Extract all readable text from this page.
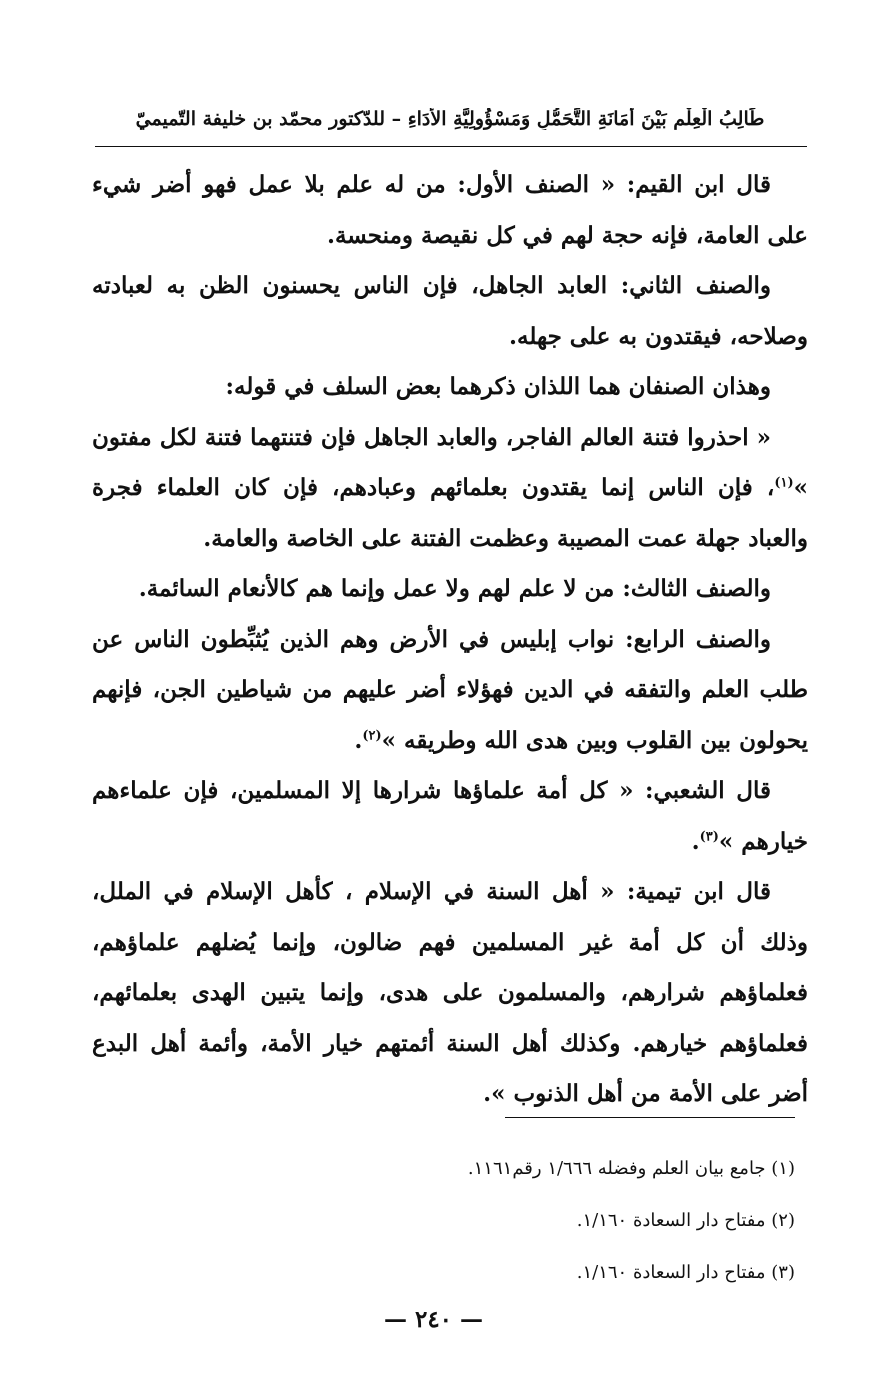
طَالِبُ الْعِلْمِ بَيْنَ أَمَانَةِ التَّحَمُّلِ وَمَسْؤُولِيَّةِ الأَدَاءِ – للدّكتور محمّد بن خليفة التّميميّ

قال ابن القيم: « الصنف الأول: من له علم بلا عمل فهو أضر شيء على العامة، فإنه حجة لهم في كل نقيصة ومنحسة.

والصنف الثاني: العابد الجاهل، فإن الناس يحسنون الظن به لعبادته وصلاحه، فيقتدون به على جهله.

وهذان الصنفان هما اللذان ذكرهما بعض السلف في قوله:

« احذروا فتنة العالم الفاجر، والعابد الجاهل فإن فتنتهما فتنة لكل مفتون »$^{(١)}$، فإن الناس إنما يقتدون بعلمائهم وعبادهم، فإن كان العلماء فجرة والعباد جهلة عمت المصيبة وعظمت الفتنة على الخاصة والعامة.

والصنف الثالث: من لا علم لهم ولا عمل وإنما هم كالأنعام السائمة.

والصنف الرابع: نواب إبليس في الأرض وهم الذين يُثبِّطون الناس عن طلب العلم والتفقه في الدين فهؤلاء أضر عليهم من شياطين الجن، فإنهم يحولون بين القلوب وبين هدى الله وطريقه »$^{(٢)}$.

قال الشعبي: « كل أمة علماؤها شرارها إلا المسلمين، فإن علماءهم خيارهم »$^{(٣)}$.

قال ابن تيمية: « أهل السنة في الإسلام ، كأهل الإسلام في الملل، وذلك أن كل أمة غير المسلمين فهم ضالون، وإنما يُضلهم علماؤهم، فعلماؤهم شرارهم، والمسلمون على هدى، وإنما يتبين الهدى بعلمائهم، فعلماؤهم خيارهم. وكذلك أهل السنة أئمتهم خيار الأمة، وأئمة أهل البدع أضر على الأمة من أهل الذنوب ».

(١) جامع بيان العلم وفضله ١/٦٦٦ رقم١١٦١.

(٢) مفتاح دار السعادة ١/١٦٠.

(٣) مفتاح دار السعادة ١/١٦٠.

— ٢٤٠ —
